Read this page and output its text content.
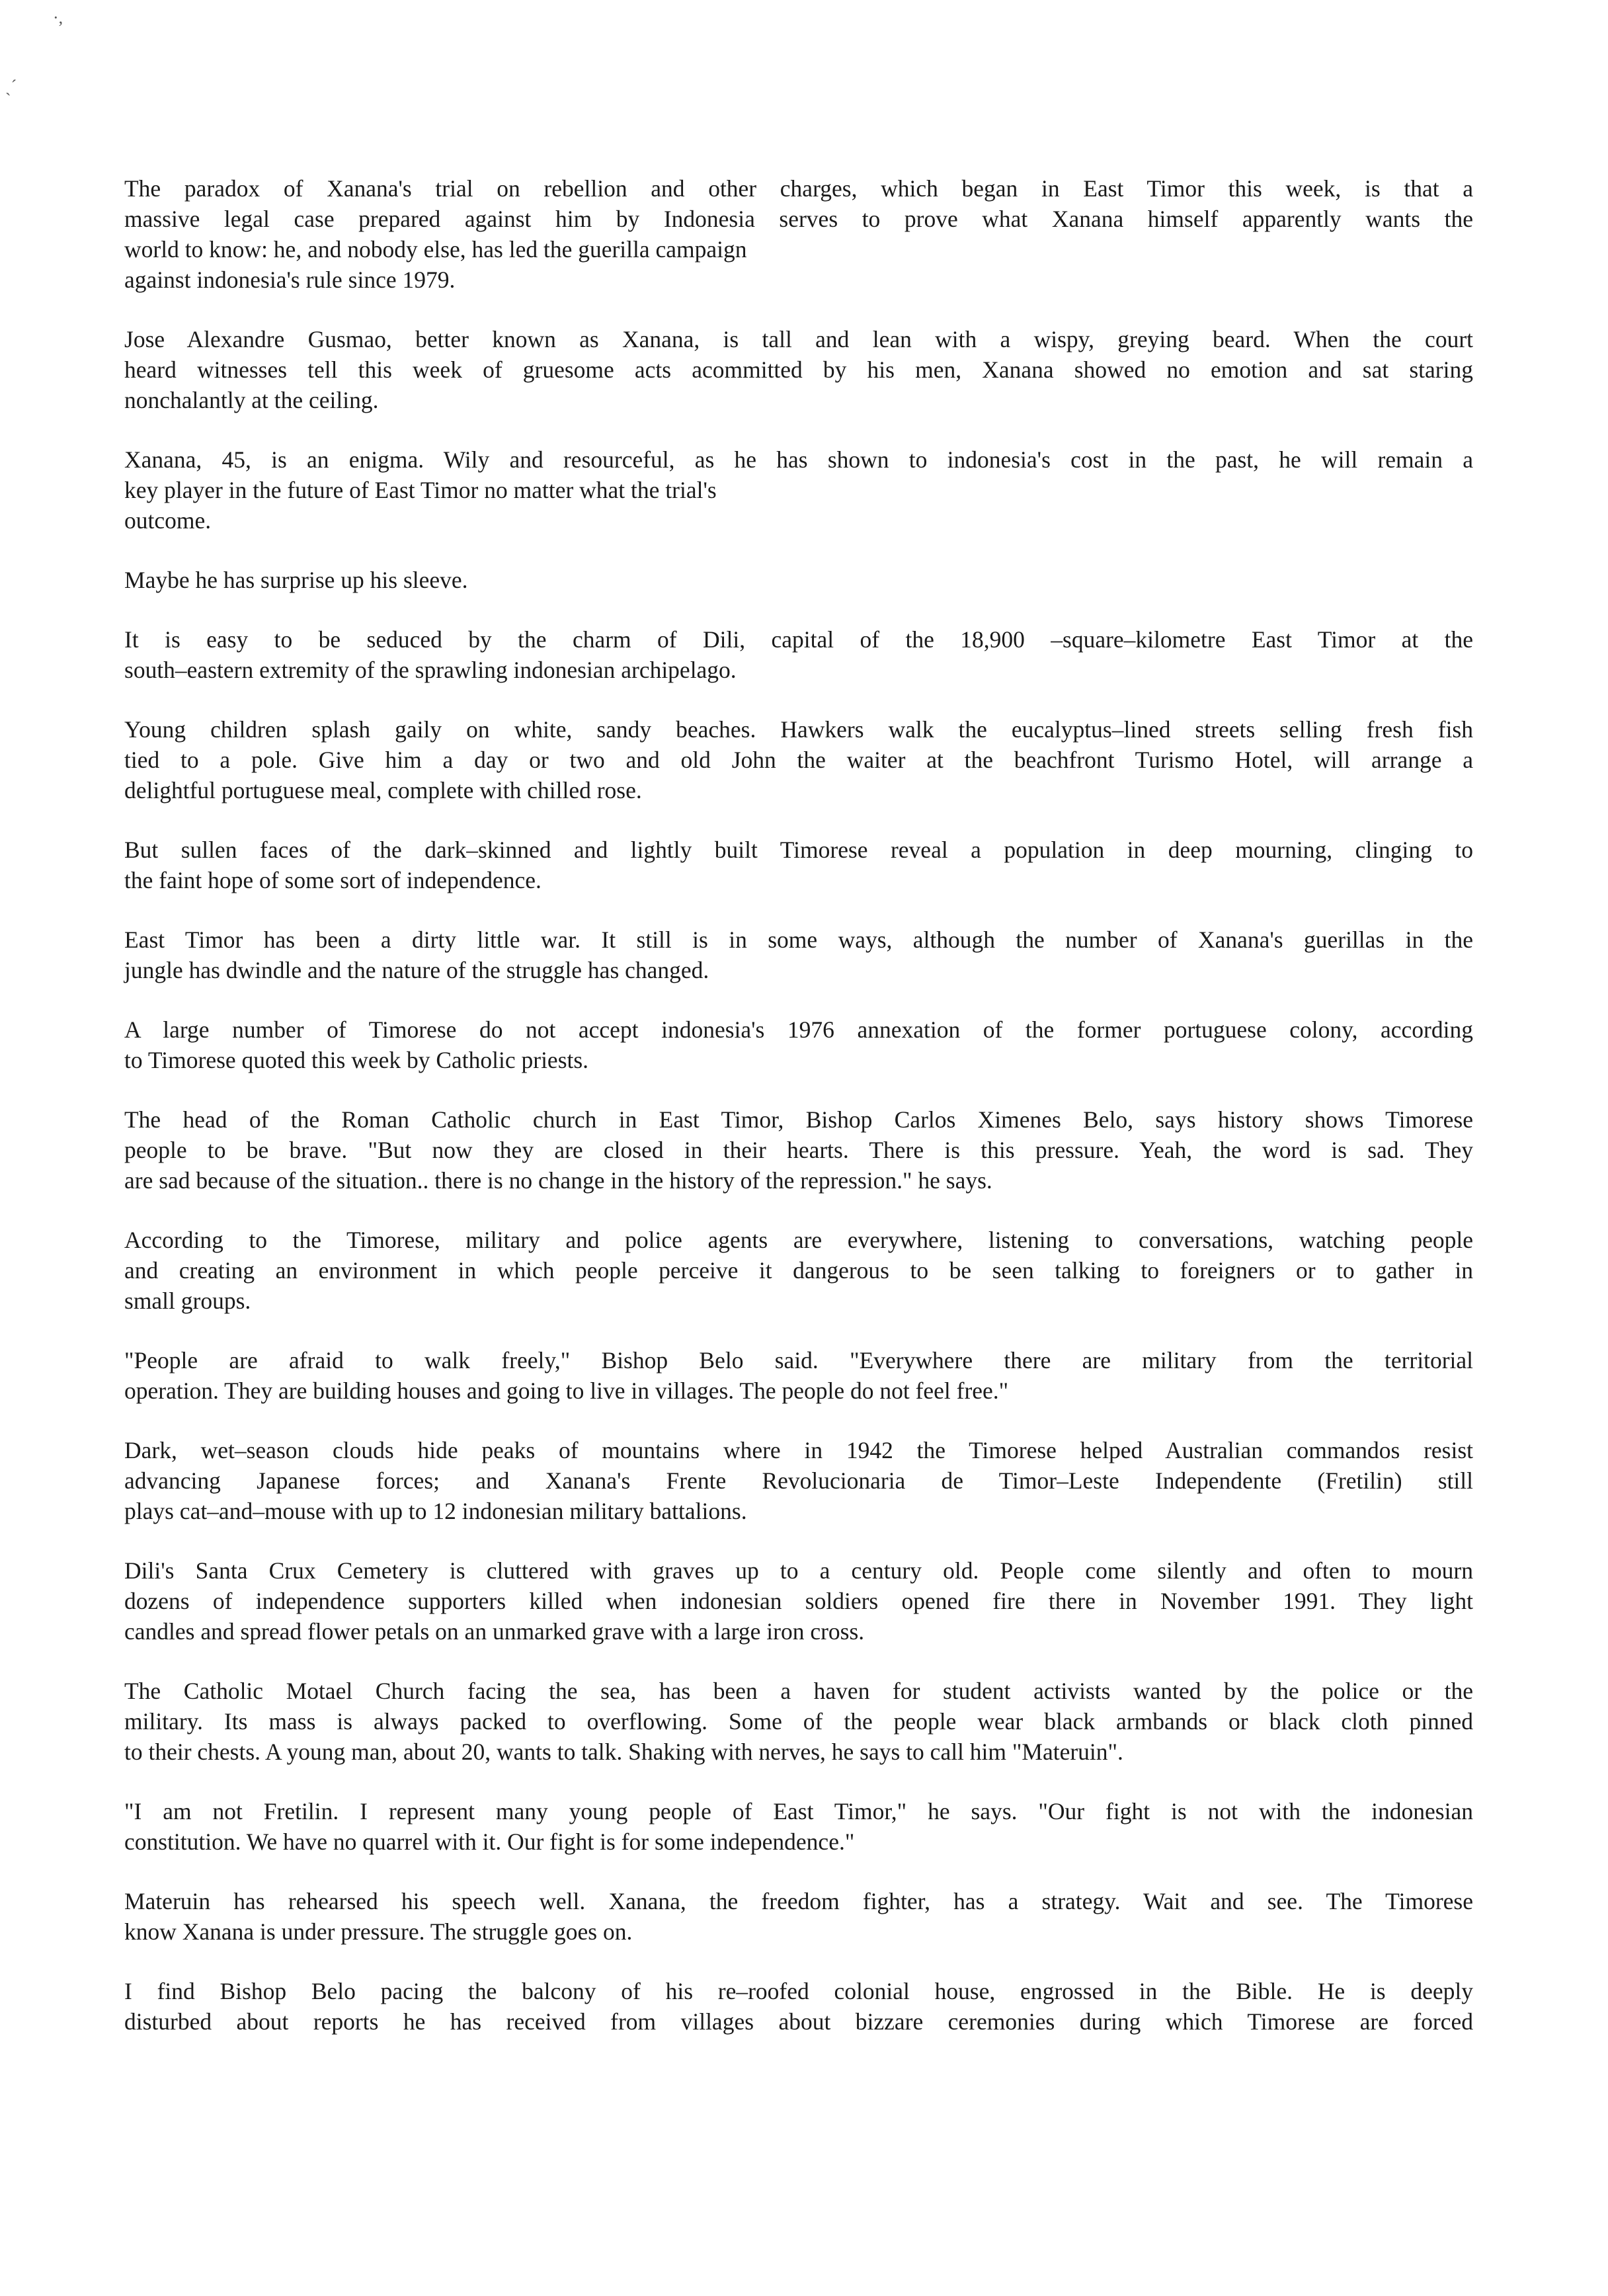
·,
ˏˊ

The paradox of Xanana's trial on rebellion and other charges, which began in East Timor this week, is that a
massive legal case prepared against him by Indonesia serves to prove what Xanana himself apparently wants the
world to know: he, and nobody else, has led the guerilla campaign
against indonesia's rule since 1979.

Jose Alexandre Gusmao, better known as Xanana, is tall and lean with a wispy, greying beard. When the court
heard witnesses tell this week of gruesome acts acommitted by his men, Xanana showed no emotion and sat staring
nonchalantly at the ceiling.

Xanana, 45, is an enigma. Wily and resourceful, as he has shown to indonesia's cost in the past, he will remain a
key player in the future of East Timor no matter what the trial's
outcome.

Maybe he has surprise up his sleeve.

It is easy to be seduced by the charm of Dili, capital of the 18,900 –square–kilometre East Timor at the
south–eastern extremity of the sprawling indonesian archipelago.

Young children splash gaily on white, sandy beaches. Hawkers walk the eucalyptus–lined streets selling fresh fish
tied to a pole. Give him a day or two and old John the waiter at the beachfront Turismo Hotel, will arrange a
delightful portuguese meal, complete with chilled rose.

But sullen faces of the dark–skinned and lightly built Timorese reveal a population in deep mourning, clinging to
the faint hope of some sort of independence.

East Timor has been a dirty little war. It still is in some ways, although the number of Xanana's guerillas in the
jungle has dwindle and the nature of the struggle has changed.

A large number of Timorese do not accept indonesia's 1976 annexation of the former portuguese colony, according
to Timorese quoted this week by Catholic priests.

The head of the Roman Catholic church in East Timor, Bishop Carlos Ximenes Belo, says history shows Timorese
people to be brave. "But now they are closed in their hearts. There is this pressure. Yeah, the word is sad. They
are sad because of the situation.. there is no change in the history of the repression." he says.

According to the Timorese, military and police agents are everywhere, listening to conversations, watching people
and creating an environment in which people perceive it dangerous to be seen talking to foreigners or to gather in
small groups.

"People are afraid to walk freely," Bishop Belo said. "Everywhere there are military from the territorial
operation. They are building houses and going to live in villages. The people do not feel free."

Dark, wet–season clouds hide peaks of mountains where in 1942 the Timorese helped Australian commandos resist
advancing Japanese forces; and Xanana's Frente Revolucionaria de Timor–Leste Independente (Fretilin) still
plays cat–and–mouse with up to 12 indonesian military battalions.

Dili's Santa Crux Cemetery is cluttered with graves up to a century old. People come silently and often to mourn
dozens of independence supporters killed when indonesian soldiers opened fire there in November 1991. They light
candles and spread flower petals on an unmarked grave with a large iron cross.

The Catholic Motael Church facing the sea, has been a haven for student activists wanted by the police or the
military. Its mass is always packed to overflowing. Some of the people wear black armbands or black cloth pinned
to their chests. A young man, about 20, wants to talk. Shaking with nerves, he says to call him "Materuin".

"I am not Fretilin. I represent many young people of East Timor," he says. "Our fight is not with the indonesian
constitution. We have no quarrel with it. Our fight is for some independence."

Materuin has rehearsed his speech well. Xanana, the freedom fighter, has a strategy. Wait and see. The Timorese
know Xanana is under pressure. The struggle goes on.

I find Bishop Belo pacing the balcony of his re–roofed colonial house, engrossed in the Bible. He is deeply
disturbed about reports he has received from villages about bizzare ceremonies during which Timorese are forced
